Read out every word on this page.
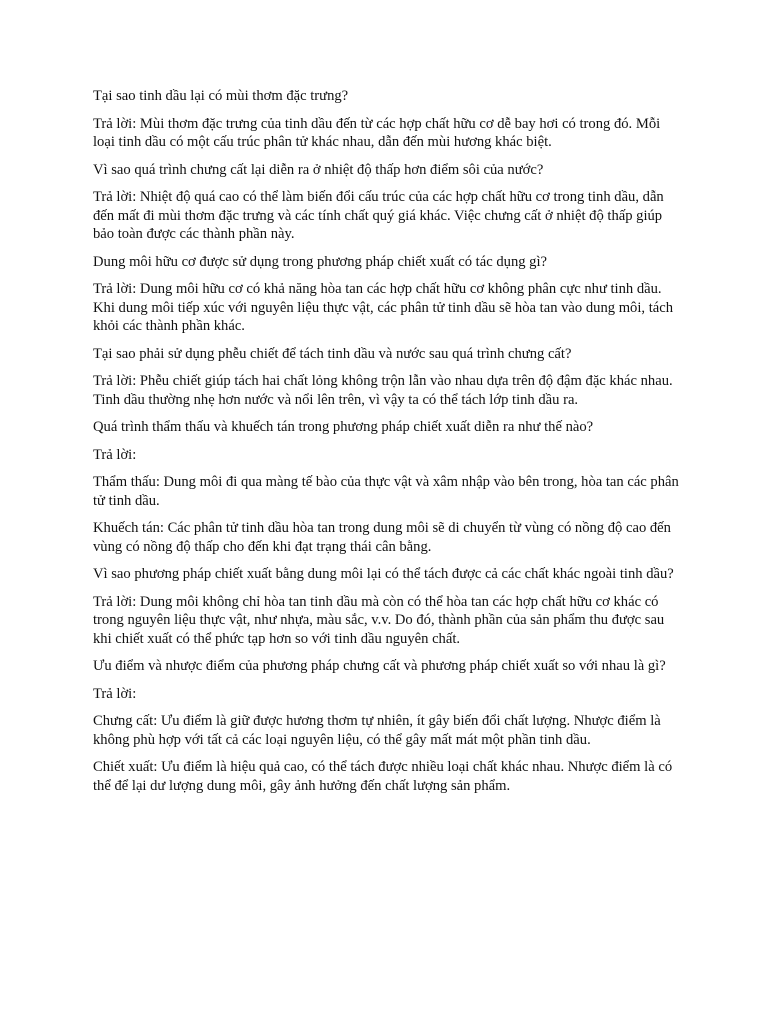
Tại sao tinh dầu lại có mùi thơm đặc trưng?

Trả lời: Mùi thơm đặc trưng của tinh dầu đến từ các hợp chất hữu cơ dễ bay hơi có trong đó. Mỗi loại tinh dầu có một cấu trúc phân tử khác nhau, dẫn đến mùi hương khác biệt.

Vì sao quá trình chưng cất lại diễn ra ở nhiệt độ thấp hơn điểm sôi của nước?

Trả lời: Nhiệt độ quá cao có thể làm biến đổi cấu trúc của các hợp chất hữu cơ trong tinh dầu, dẫn đến mất đi mùi thơm đặc trưng và các tính chất quý giá khác. Việc chưng cất ở nhiệt độ thấp giúp bảo toàn được các thành phần này.

Dung môi hữu cơ được sử dụng trong phương pháp chiết xuất có tác dụng gì?

Trả lời: Dung môi hữu cơ có khả năng hòa tan các hợp chất hữu cơ không phân cực như tinh dầu. Khi dung môi tiếp xúc với nguyên liệu thực vật, các phân tử tinh dầu sẽ hòa tan vào dung môi, tách khỏi các thành phần khác.

Tại sao phải sử dụng phễu chiết để tách tinh dầu và nước sau quá trình chưng cất?

Trả lời: Phễu chiết giúp tách hai chất lỏng không trộn lẫn vào nhau dựa trên độ đậm đặc khác nhau. Tinh dầu thường nhẹ hơn nước và nổi lên trên, vì vậy ta có thể tách lớp tinh dầu ra.

Quá trình thẩm thấu và khuếch tán trong phương pháp chiết xuất diễn ra như thế nào?

Trả lời:

Thẩm thấu: Dung môi đi qua màng tế bào của thực vật và xâm nhập vào bên trong, hòa tan các phân tử tinh dầu.

Khuếch tán: Các phân tử tinh dầu hòa tan trong dung môi sẽ di chuyển từ vùng có nồng độ cao đến vùng có nồng độ thấp cho đến khi đạt trạng thái cân bằng.

Vì sao phương pháp chiết xuất bằng dung môi lại có thể tách được cả các chất khác ngoài tinh dầu?

Trả lời: Dung môi không chỉ hòa tan tinh dầu mà còn có thể hòa tan các hợp chất hữu cơ khác có trong nguyên liệu thực vật, như nhựa, màu sắc, v.v. Do đó, thành phần của sản phẩm thu được sau khi chiết xuất có thể phức tạp hơn so với tinh dầu nguyên chất.

Ưu điểm và nhược điểm của phương pháp chưng cất và phương pháp chiết xuất so với nhau là gì?

Trả lời:

Chưng cất: Ưu điểm là giữ được hương thơm tự nhiên, ít gây biến đổi chất lượng. Nhược điểm là không phù hợp với tất cả các loại nguyên liệu, có thể gây mất mát một phần tinh dầu.

Chiết xuất: Ưu điểm là hiệu quả cao, có thể tách được nhiều loại chất khác nhau. Nhược điểm là có thể để lại dư lượng dung môi, gây ảnh hưởng đến chất lượng sản phẩm.
